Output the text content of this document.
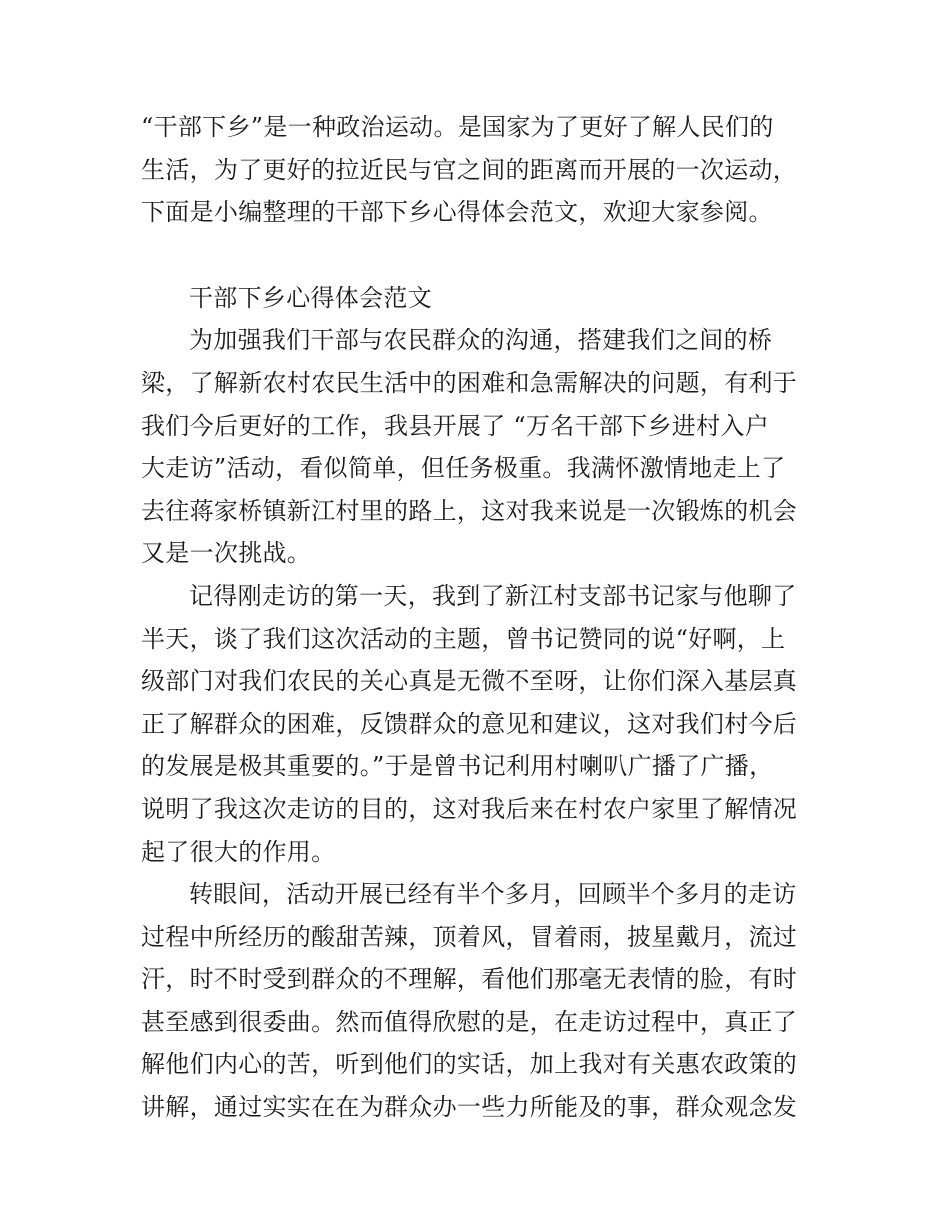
“干部下乡”是一种政治运动。是国家为了更好了解人民们的
生活，为了更好的拉近民与官之间的距离而开展的一次运动，
下面是小编整理的干部下乡心得体会范文，欢迎大家参阅。
干部下乡心得体会范文
为加强我们干部与农民群众的沟通，搭建我们之间的桥
梁，了解新农村农民生活中的困难和急需解决的问题，有利于
我们今后更好的工作，我县开展了 “万名干部下乡进村入户
大走访”活动，看似简单，但任务极重。我满怀激情地走上了
去往蒋家桥镇新江村里的路上，这对我来说是一次锻炼的机会
又是一次挑战。
记得刚走访的第一天，我到了新江村支部书记家与他聊了
半天，谈了我们这次活动的主题，曾书记赞同的说“好啊，上
级部门对我们农民的关心真是无微不至呀，让你们深入基层真
正了解群众的困难，反馈群众的意见和建议，这对我们村今后
的发展是极其重要的。”于是曾书记利用村喇叭广播了广播，
说明了我这次走访的目的，这对我后来在村农户家里了解情况
起了很大的作用。
转眼间，活动开展已经有半个多月，回顾半个多月的走访
过程中所经历的酸甜苦辣，顶着风，冒着雨，披星戴月，流过
汗，时不时受到群众的不理解，看他们那毫无表情的脸，有时
甚至感到很委曲。然而值得欣慰的是，在走访过程中，真正了
解他们内心的苦，听到他们的实话，加上我对有关惠农政策的
讲解，通过实实在在为群众办一些力所能及的事，群众观念发
